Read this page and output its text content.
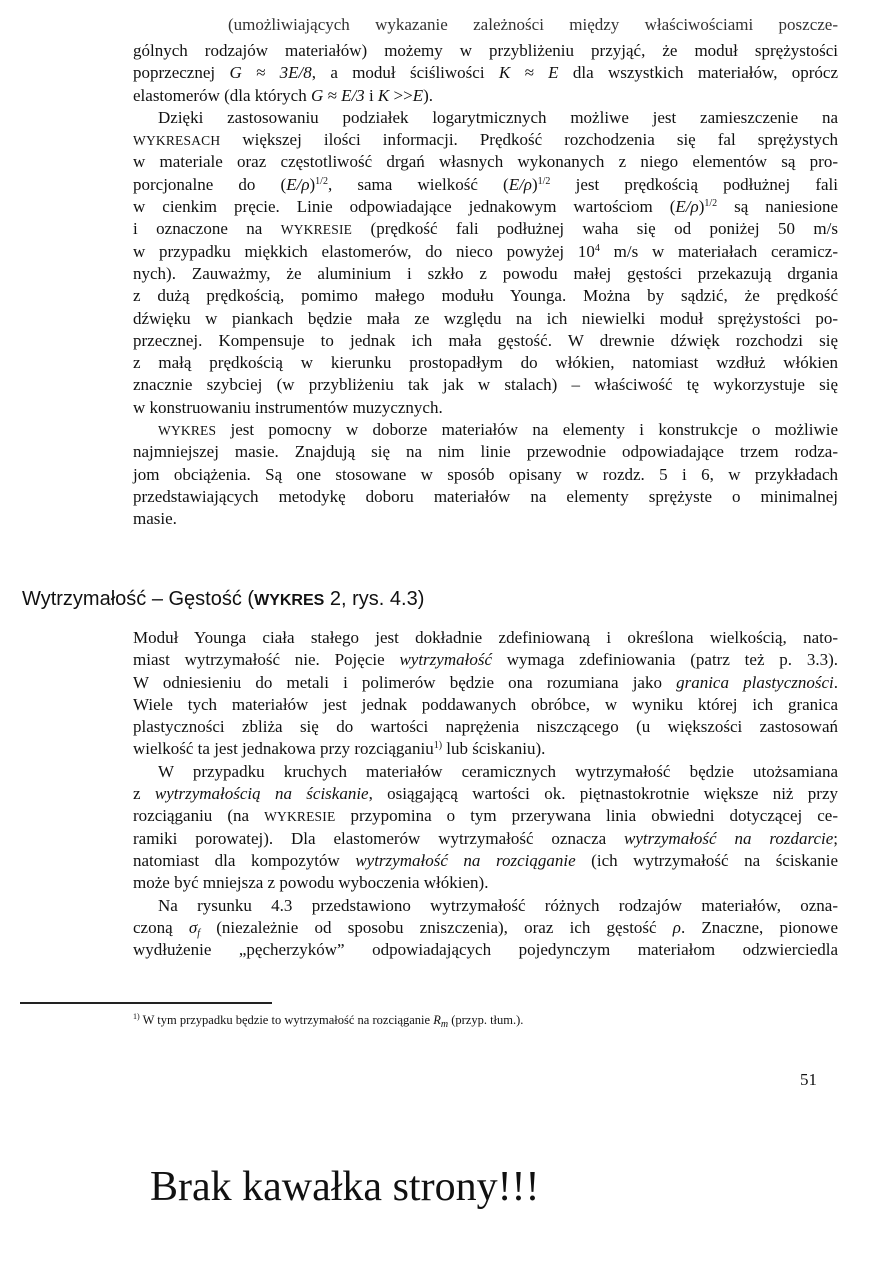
(umożliwiających wykazanie zależności między właściwościami poszcze-
gólnych rodzajów materiałów) możemy w przybliżeniu przyjąć, że moduł sprężystości
poprzecznej G ≈ 3E/8, a moduł ściśliwości K ≈ E dla wszystkich materiałów, oprócz
elastomerów (dla których G ≈ E/3 i K >>E).
Dzięki zastosowaniu podziałek logarytmicznych możliwe jest zamieszczenie na
WYKRESACH większej ilości informacji. Prędkość rozchodzenia się fal sprężystych
w materiale oraz częstotliwość drgań własnych wykonanych z niego elementów są pro-
porcjonalne do $(E/\rho)^{1/2}$, sama wielkość $(E/\rho)^{1/2}$ jest prędkością podłużnej fali
w cienkim pręcie. Linie odpowiadające jednakowym wartościom $(E/\rho)^{1/2}$ są naniesione
i oznaczone na WYKRESIE (prędkość fali podłużnej waha się od poniżej 50 m/s
w przypadku miękkich elastomerów, do nieco powyżej $10^4$ m/s w materiałach ceramicz-
nych). Zauważmy, że aluminium i szkło z powodu małej gęstości przekazują drgania
z dużą prędkością, pomimo małego modułu Younga. Można by sądzić, że prędkość
dźwięku w piankach będzie mała ze względu na ich niewielki moduł sprężystości po-
przecznej. Kompensuje to jednak ich mała gęstość. W drewnie dźwięk rozchodzi się
z małą prędkością w kierunku prostopadłym do włókien, natomiast wzdłuż włókien
znacznie szybciej (w przybliżeniu tak jak w stalach) – właściwość tę wykorzystuje się
w konstruowaniu instrumentów muzycznych.
WYKRES jest pomocny w doborze materiałów na elementy i konstrukcje o możliwie
najmniejszej masie. Znajdują się na nim linie przewodnie odpowiadające trzem rodza-
jom obciążenia. Są one stosowane w sposób opisany w rozdz. 5 i 6, w przykładach
przedstawiających metodykę doboru materiałów na elementy sprężyste o minimalnej
masie.
Wytrzymałość – Gęstość (WYKRES 2, rys. 4.3)
Moduł Younga ciała stałego jest dokładnie zdefiniowaną i określona wielkością, nato-
miast wytrzymałość nie. Pojęcie wytrzymałość wymaga zdefiniowania (patrz też p. 3.3).
W odniesieniu do metali i polimerów będzie ona rozumiana jako granica plastyczności.
Wiele tych materiałów jest jednak poddawanych obróbce, w wyniku której ich granica
plastyczności zbliża się do wartości naprężenia niszczącego (u większości zastosowań
wielkość ta jest jednakowa przy rozciąganiu$^{1)}$ lub ściskaniu).
W przypadku kruchych materiałów ceramicznych wytrzymałość będzie utożsamiana
z wytrzymałością na ściskanie, osiągającą wartości ok. piętnastokrotnie większe niż przy
rozciąganiu (na WYKRESIE przypomina o tym przerywana linia obwiedni dotyczącej ce-
ramiki porowatej). Dla elastomerów wytrzymałość oznacza wytrzymałość na rozdarcie;
natomiast dla kompozytów wytrzymałość na rozciąganie (ich wytrzymałość na ściskanie
może być mniejsza z powodu wyboczenia włókien).
Na rysunku 4.3 przedstawiono wytrzymałość różnych rodzajów materiałów, ozna-
czoną $\sigma_f$ (niezależnie od sposobu zniszczenia), oraz ich gęstość ρ. Znaczne, pionowe
wydłużenie „pęcherzyków” odpowiadających pojedynczym materiałom odzwierciedla
$^{1)}$ W tym przypadku będzie to wytrzymałość na rozciąganie $R_m$ (przyp. tłum.).
51
Brak kawałka strony!!!
